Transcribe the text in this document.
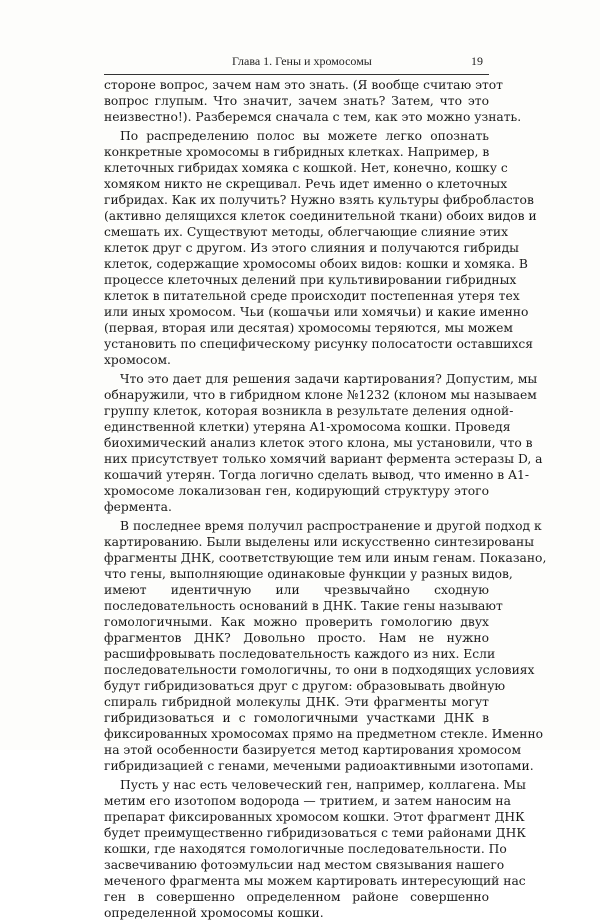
Глава 1. Гены и хромосомы	19
стороне вопрос, зачем нам это знать. (Я вообще считаю этот
вопрос глупым. Что значит, зачем знать? Затем, что это
неизвестно!). Разберемся сначала с тем, как это можно узнать.
По распределению полос вы можете легко опознать
конкретные хромосомы в гибридных клетках. Например, в
клеточных гибридах хомяка с кошкой. Нет, конечно, кошку с
хомяком никто не скрещивал. Речь идет именно о клеточных
гибридах. Как их получить? Нужно взять культуры фибробластов
(активно делящихся клеток соединительной ткани) обоих видов и
смешать их. Существуют методы, облегчающие слияние этих
клеток друг с другом. Из этого слияния и получаются гибриды
клеток, содержащие хромосомы обоих видов: кошки и хомяка. В
процессе клеточных делений при культивировании гибридных
клеток в питательной среде происходит постепенная утеря тех
или иных хромосом. Чьи (кошачьи или хомячьи) и какие именно
(первая, вторая или десятая) хромосомы теряются, мы можем
установить по специфическому рисунку полосатости оставшихся
хромосом.
Что это дает для решения задачи картирования? Допустим, мы
обнаружили, что в гибридном клоне №1232 (клоном мы называем
группу клеток, которая возникла в результате деления одной-
единственной клетки) утеряна A1-хромосома кошки. Проведя
биохимический анализ клеток этого клона, мы установили, что в
них присутствует только хомячий вариант фермента эстеразы D, а
кошачий утерян. Тогда логично сделать вывод, что именно в A1-
хромосоме локализован ген, кодирующий структуру этого
фермента.
В последнее время получил распространение и другой подход к
картированию. Были выделены или искусственно синтезированы
фрагменты ДНК, соответствующие тем или иным генам. Показано,
что гены, выполняющие одинаковые функции у разных видов,
имеют идентичную или чрезвычайно сходную
последовательность оснований в ДНК. Такие гены называют
гомологичными. Как можно проверить гомологию двух
фрагментов ДНК? Довольно просто. Нам не нужно
расшифровывать последовательность каждого из них. Если
последовательности гомологичны, то они в подходящих условиях
будут гибридизоваться друг с другом: образовывать двойную
спираль гибридной молекулы ДНК. Эти фрагменты могут
гибридизоваться и с гомологичными участками ДНК в
фиксированных хромосомах прямо на предметном стекле. Именно
на этой особенности базируется метод картирования хромосом
гибридизацией с генами, мечеными радиоактивными изотопами.
Пусть у нас есть человеческий ген, например, коллагена. Мы
метим его изотопом водорода — тритием, и затем наносим на
препарат фиксированных хромосом кошки. Этот фрагмент ДНК
будет преимущественно гибридизоваться с теми районами ДНК
кошки, где находятся гомологичные последовательности. По
засвечиванию фотоэмульсии над местом связывания нашего
меченого фрагмента мы можем картировать интересующий нас
ген в совершенно определенном районе совершенно
определенной хромосомы кошки.
